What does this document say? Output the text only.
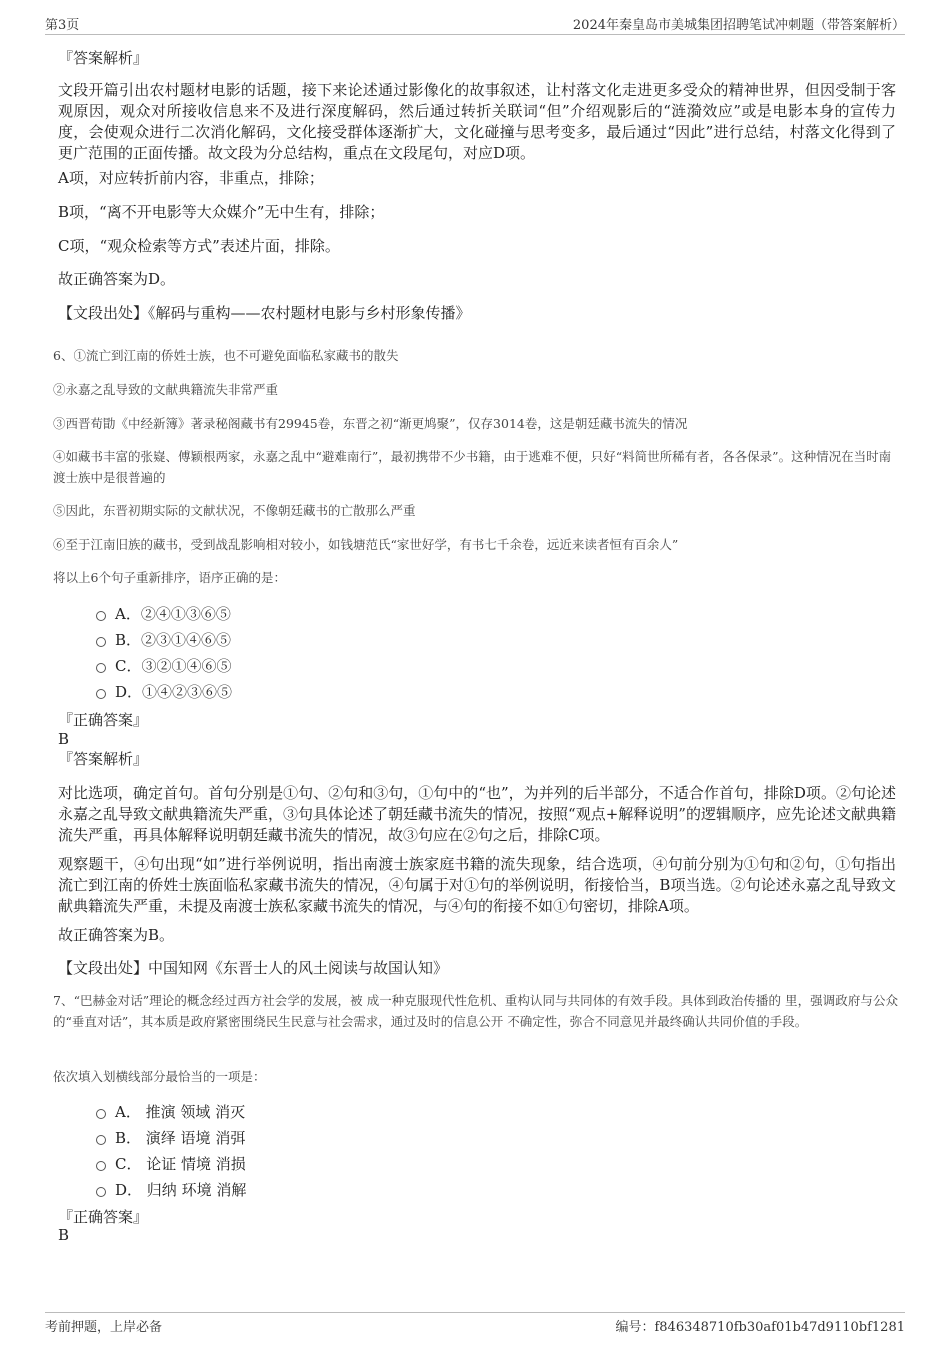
第3页	2024年秦皇岛市美城集团招聘笔试冲刺题（带答案解析）
『答案解析』
文段开篇引出农村题材电影的话题，接下来论述通过影像化的故事叙述，让村落文化走进更多受众的精神世界，但因受制于客观原因，观众对所接收信息来不及进行深度解码，然后通过转折关联词“但”介绍观影后的“涟漪效应”或是电影本身的宣传力度，会使观众进行二次消化解码，文化接受群体逐渐扩大，文化碰撞与思考变多，最后通过“因此”进行总结，村落文化得到了更广范围的正面传播。故文段为分总结构，重点在文段尾句，对应D项。
A项，对应转折前内容，非重点，排除；
B项，“离不开电影等大众媒介”无中生有，排除；
C项，“观众检索等方式”表述片面，排除。
故正确答案为D。
【文段出处】《解码与重构——农村题材电影与乡村形象传播》
6、①流亡到江南的侨姓士族，也不可避免面临私家藏书的散失
②永嘉之乱导致的文献典籍流失非常严重
③西晋荀勖《中经新簿》著录秘阁藏书有29945卷，东晋之初“渐更鸠聚”，仅存3014卷，这是朝廷藏书流失的情况
④如藏书丰富的张嶷、傅颖根两家，永嘉之乱中“避难南行”，最初携带不少书籍，由于逃难不便，只好“料简世所稀有者，各各保录”。这种情况在当时南渡士族中是很普遍的
⑤因此，东晋初期实际的文献状况，不像朝廷藏书的亡散那么严重
⑥至于江南旧族的藏书，受到战乱影响相对较小，如钱塘范氏“家世好学，有书七千余卷，远近来读者恒有百余人”
将以上6个句子重新排序，语序正确的是：
A．②④①③⑥⑤
B．②③①④⑥⑤
C．③②①④⑥⑤
D．①④②③⑥⑤
『正确答案』
B
『答案解析』
对比选项，确定首句。首句分别是①句、②句和③句，①句中的“也”，为并列的后半部分，不适合作首句，排除D项。②句论述永嘉之乱导致文献典籍流失严重，③句具体论述了朝廷藏书流失的情况，按照“观点+解释说明”的逻辑顺序，应先论述文献典籍流失严重，再具体解释说明朝廷藏书流失的情况，故③句应在②句之后，排除C项。
观察题干，④句出现“如”进行举例说明，指出南渡士族家庭书籍的流失现象，结合选项，④句前分别为①句和②句，①句指出流亡到江南的侨姓士族面临私家藏书流失的情况，④句属于对①句的举例说明，衔接恰当，B项当选。②句论述永嘉之乱导致文献典籍流失严重，未提及南渡士族私家藏书流失的情况，与④句的衔接不如①句密切，排除A项。
故正确答案为B。
【文段出处】中国知网《东晋士人的风土阅读与故国认知》
7、“巴赫金对话”理论的概念经过西方社会学的发展，被 成一种克服现代性危机、重构认同与共同体的有效手段。具体到政治传播的 里，强调政府与公众的“垂直对话”，其本质是政府紧密围绕民生民意与社会需求，通过及时的信息公开 不确定性，弥合不同意见并最终确认共同价值的手段。
依次填入划横线部分最恰当的一项是：
A． 推演 领域 消灭
B． 演绎 语境 消弭
C． 论证 情境 消损
D． 归纳 环境 消解
『正确答案』
B
考前押题，上岸必备	编号：f846348710fb30af01b47d9110bf1281
